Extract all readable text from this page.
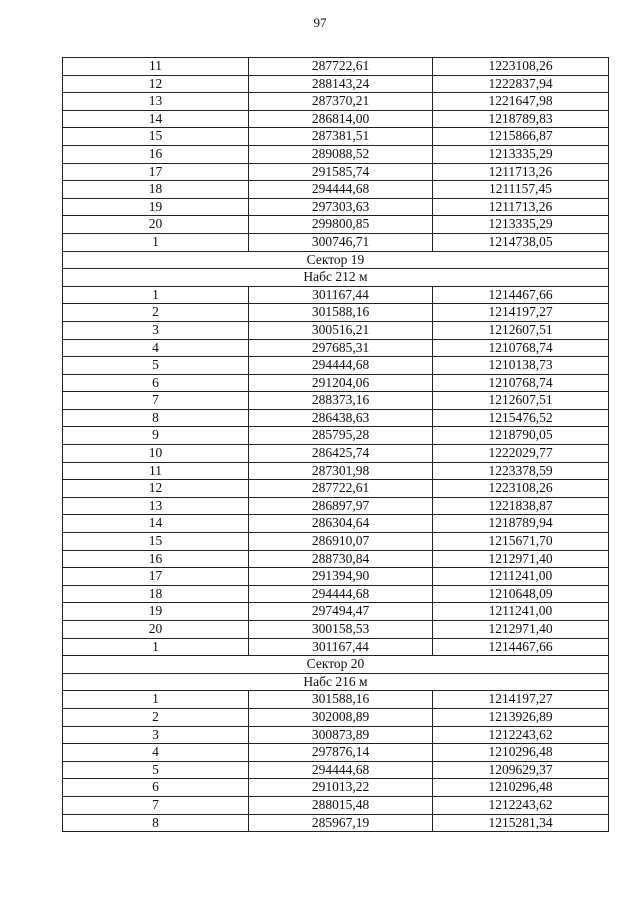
97
11	287722,61	1223108,26
12	288143,24	1222837,94
13	287370,21	1221647,98
14	286814,00	1218789,83
15	287381,51	1215866,87
16	289088,52	1213335,29
17	291585,74	1211713,26
18	294444,68	1211157,45
19	297303,63	1211713,26
20	299800,85	1213335,29
1	300746,71	1214738,05
Сектор 19		
Набс 212 м		
1	301167,44	1214467,66
2	301588,16	1214197,27
3	300516,21	1212607,51
4	297685,31	1210768,74
5	294444,68	1210138,73
6	291204,06	1210768,74
7	288373,16	1212607,51
8	286438,63	1215476,52
9	285795,28	1218790,05
10	286425,74	1222029,77
11	287301,98	1223378,59
12	287722,61	1223108,26
13	286897,97	1221838,87
14	286304,64	1218789,94
15	286910,07	1215671,70
16	288730,84	1212971,40
17	291394,90	1211241,00
18	294444,68	1210648,09
19	297494,47	1211241,00
20	300158,53	1212971,40
1	301167,44	1214467,66
Сектор 20		
Набс 216 м		
1	301588,16	1214197,27
2	302008,89	1213926,89
3	300873,89	1212243,62
4	297876,14	1210296,48
5	294444,68	1209629,37
6	291013,22	1210296,48
7	288015,48	1212243,62
8	285967,19	1215281,34
